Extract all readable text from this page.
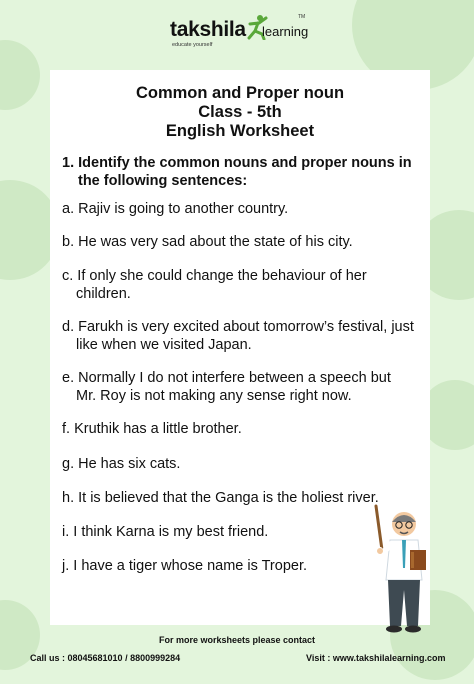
takshila learning
TM
educate yourself
Common and Proper noun
Class - 5th
English Worksheet
1. Identify the common nouns and proper nouns in
the following sentences:
a. Rajiv is going to another country.
b. He was very sad about the state of his city.
c. If only she could change the behaviour of her
children.
d. Farukh is very excited about tomorrow’s festival, just
like when we visited Japan.
e. Normally I do not interfere between a speech but
Mr. Roy is not making any sense right now.
f. Kruthik has a little brother.
g. He has six cats.
h. It is believed that the Ganga is the holiest river.
i. I think Karna is my best friend.
j. I have a tiger whose name is Troper.
For more worksheets please contact
Call us : 08045681010 / 8800999284	Visit : www.takshilalearning.com
